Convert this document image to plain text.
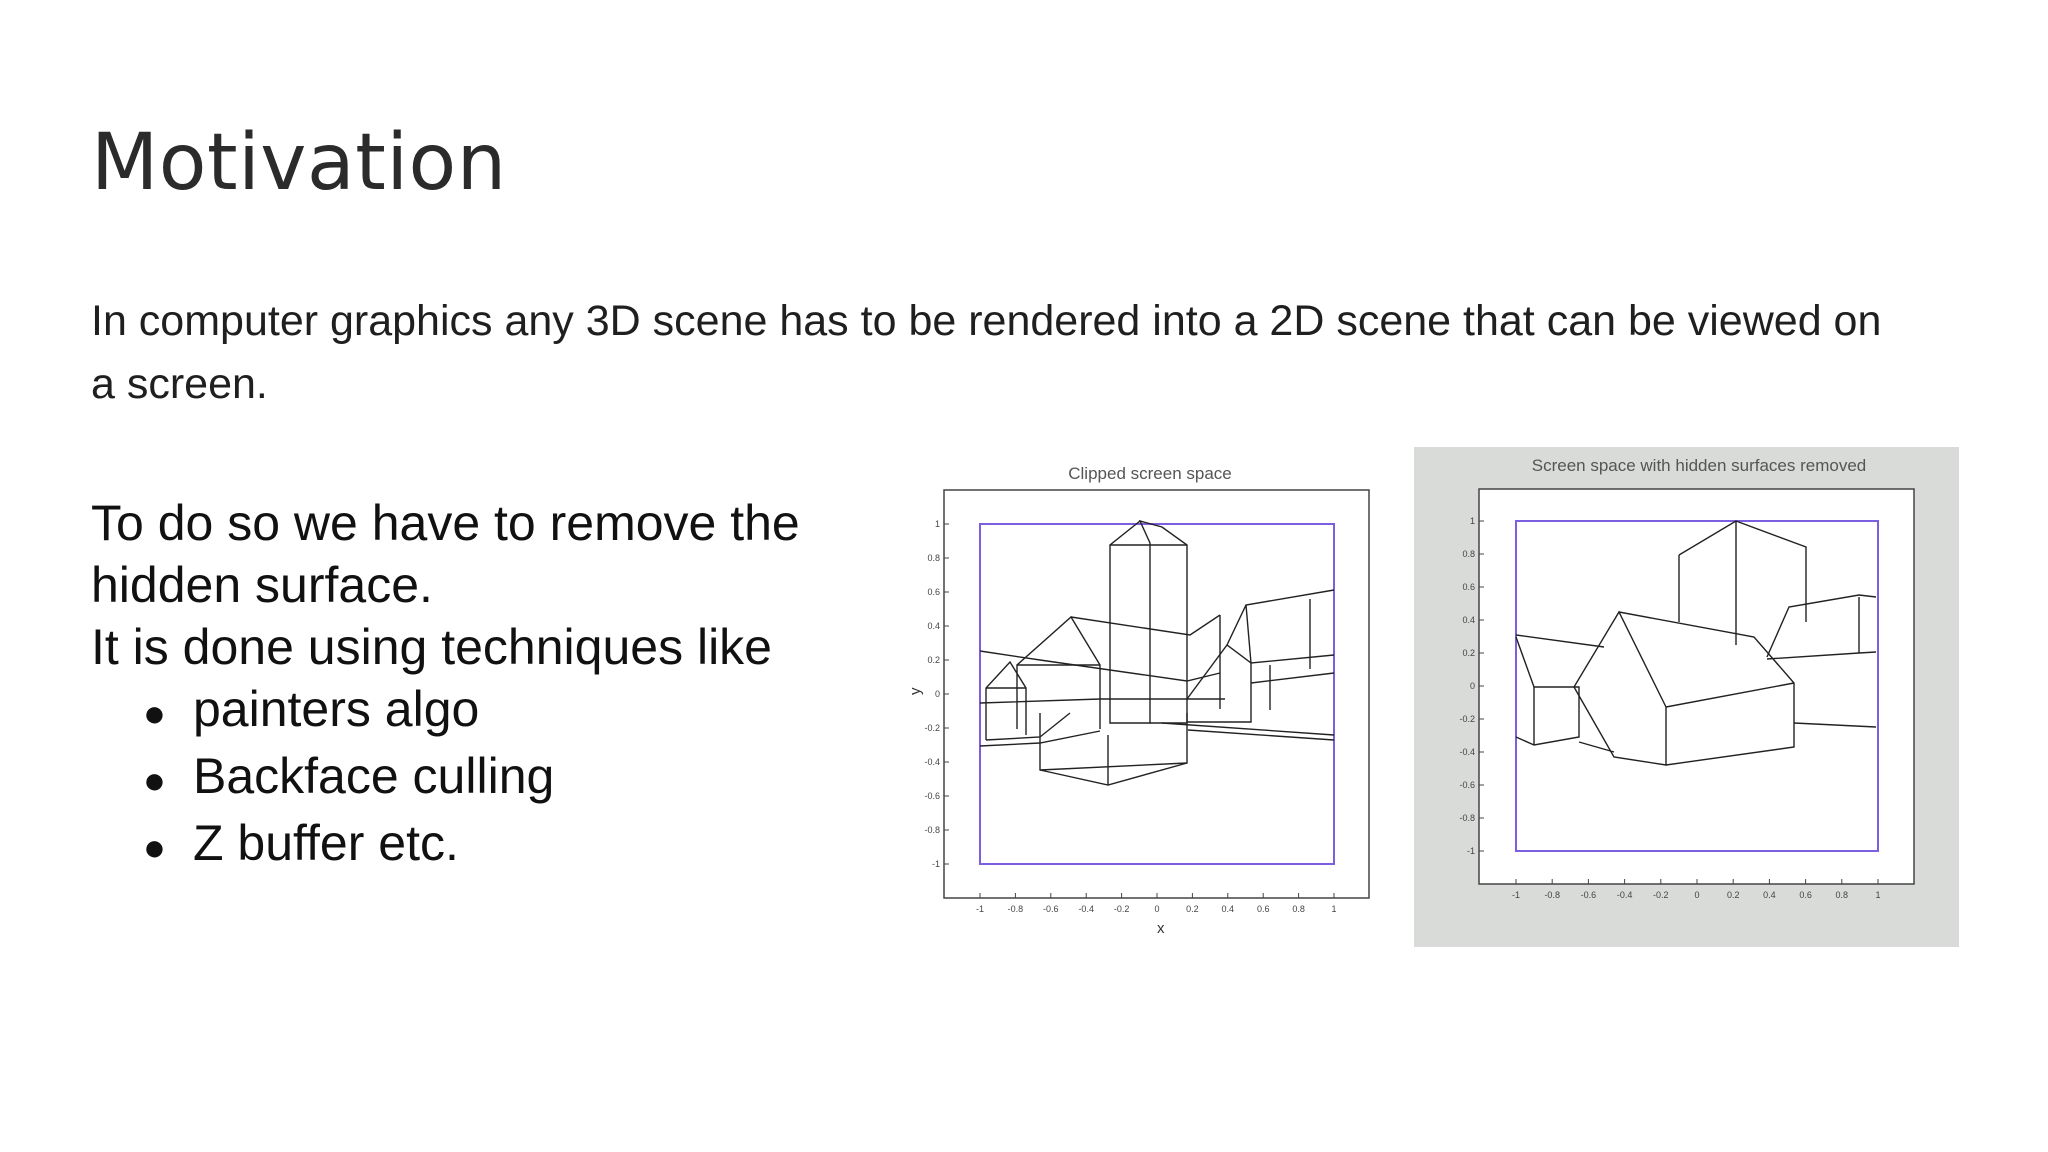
Motivation

In computer graphics any 3D scene has to be rendered into a 2D scene that can be viewed on a screen.

To do so we have to remove the hidden surface.

It is done using techniques like

● painters algo
● Backface culling
● Z buffer etc.
Clipped screen space
-1	-0.8 -0.6 -0.4 -0.2	0	0.2	0.4	0.6	0.8	1
1
0.8
0.6
0.4
0.2
0
-0.2
-0.4
-0.6
-0.8
-1
y
x
Screen space with hidden surfaces removed
-1	-0.8 -0.6 -0.4 -0.2	0	0.2	0.4	0.6	0.8	1
1
0.8
0.6
0.4
0.2
0
-0.2
-0.4
-0.6
-0.8
-1
